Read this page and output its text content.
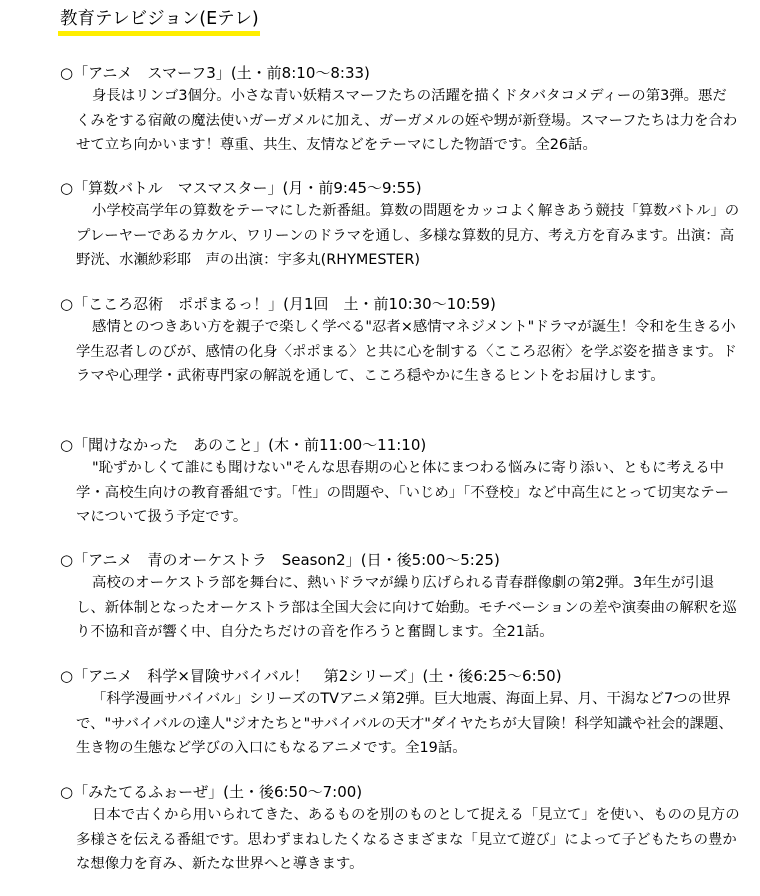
教育テレビジョン(Eテレ)

○「アニメ　スマーフ3」(土・前8:10～8:33)

身長はリンゴ3個分。小さな青い妖精スマーフたちの活躍を描くドタバタコメディーの第3弾。悪だくみをする宿敵の魔法使いガーガメルに加え、ガーガメルの姪や甥が新登場。スマーフたちは力を合わせて立ち向かいます！尊重、共生、友情などをテーマにした物語です。全26話。

○「算数バトル　マスマスター」(月・前9:45～9:55)

小学校高学年の算数をテーマにした新番組。算数の問題をカッコよく解きあう競技「算数バトル」のプレーヤーであるカケル、ワリーンのドラマを通し、多様な算数的見方、考え方を育みます。出演：高野洸、水瀬紗彩耶　声の出演：宇多丸(RHYMESTER)

○「こころ忍術　ポポまるっ！」(月1回　土・前10:30～10:59)

感情とのつきあい方を親子で楽しく学べる"忍者×感情マネジメント"ドラマが誕生！令和を生きる小学生忍者しのびが、感情の化身〈ポポまる〉と共に心を制する〈こころ忍術〉を学ぶ姿を描きます。ドラマや心理学・武術専門家の解説を通して、こころ穏やかに生きるヒントをお届けします。

○「聞けなかった　あのこと」(木・前11:00～11:10)

"恥ずかしくて誰にも聞けない"そんな思春期の心と体にまつわる悩みに寄り添い、ともに考える中学・高校生向けの教育番組です。「性」の問題や、「いじめ」「不登校」など中高生にとって切実なテーマについて扱う予定です。

○「アニメ　青のオーケストラ　Season2」(日・後5:00～5:25)

高校のオーケストラ部を舞台に、熱いドラマが繰り広げられる青春群像劇の第2弾。3年生が引退し、新体制となったオーケストラ部は全国大会に向けて始動。モチベーションの差や演奏曲の解釈を巡り不協和音が響く中、自分たちだけの音を作ろうと奮闘します。全21話。

○「アニメ　科学×冒険サバイバル！　第2シリーズ」(土・後6:25～6:50)

「科学漫画サバイバル」シリーズのTVアニメ第2弾。巨大地震、海面上昇、月、干潟など7つの世界で、"サバイバルの達人"ジオたちと"サバイバルの天才"ダイヤたちが大冒険！科学知識や社会的課題、生き物の生態など学びの入口にもなるアニメです。全19話。

○「みたてるふぉーぜ」(土・後6:50～7:00)

日本で古くから用いられてきた、あるものを別のものとして捉える「見立て」を使い、ものの見方の多様さを伝える番組です。思わずまねしたくなるさまざまな「見立て遊び」によって子どもたちの豊かな想像力を育み、新たな世界へと導きます。
